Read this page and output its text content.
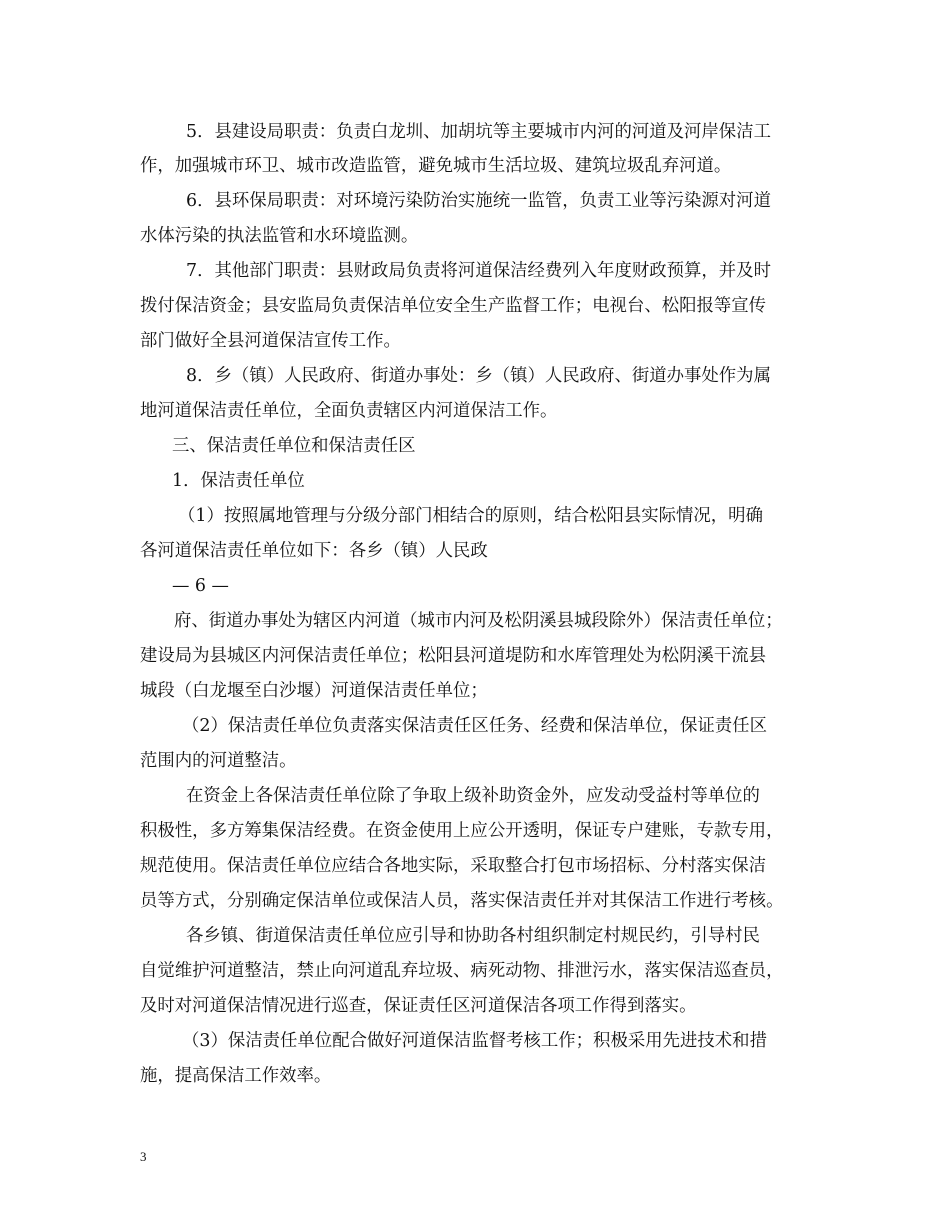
5．县建设局职责：负责白龙圳、加胡坑等主要城市内河的河道及河岸保洁工
作，加强城市环卫、城市改造监管，避免城市生活垃圾、建筑垃圾乱弃河道。
6．县环保局职责：对环境污染防治实施统一监管，负责工业等污染源对河道
水体污染的执法监管和水环境监测。
7．其他部门职责：县财政局负责将河道保洁经费列入年度财政预算，并及时
拨付保洁资金；县安监局负责保洁单位安全生产监督工作；电视台、松阳报等宣传
部门做好全县河道保洁宣传工作。
8．乡（镇）人民政府、街道办事处：乡（镇）人民政府、街道办事处作为属
地河道保洁责任单位，全面负责辖区内河道保洁工作。
三、保洁责任单位和保洁责任区
1．保洁责任单位
（1）按照属地管理与分级分部门相结合的原则，结合松阳县实际情况，明确
各河道保洁责任单位如下：各乡（镇）人民政
— 6 —
府、街道办事处为辖区内河道（城市内河及松阴溪县城段除外）保洁责任单位；
建设局为县城区内河保洁责任单位；松阳县河道堤防和水库管理处为松阴溪干流县
城段（白龙堰至白沙堰）河道保洁责任单位；
（2）保洁责任单位负责落实保洁责任区任务、经费和保洁单位，保证责任区
范围内的河道整洁。
在资金上各保洁责任单位除了争取上级补助资金外，应发动受益村等单位的
积极性，多方筹集保洁经费。在资金使用上应公开透明，保证专户建账，专款专用，
规范使用。保洁责任单位应结合各地实际，采取整合打包市场招标、分村落实保洁
员等方式，分别确定保洁单位或保洁人员，落实保洁责任并对其保洁工作进行考核。
各乡镇、街道保洁责任单位应引导和协助各村组织制定村规民约，引导村民
自觉维护河道整洁，禁止向河道乱弃垃圾、病死动物、排泄污水，落实保洁巡查员，
及时对河道保洁情况进行巡查，保证责任区河道保洁各项工作得到落实。
（3）保洁责任单位配合做好河道保洁监督考核工作；积极采用先进技术和措
施，提高保洁工作效率。
3
